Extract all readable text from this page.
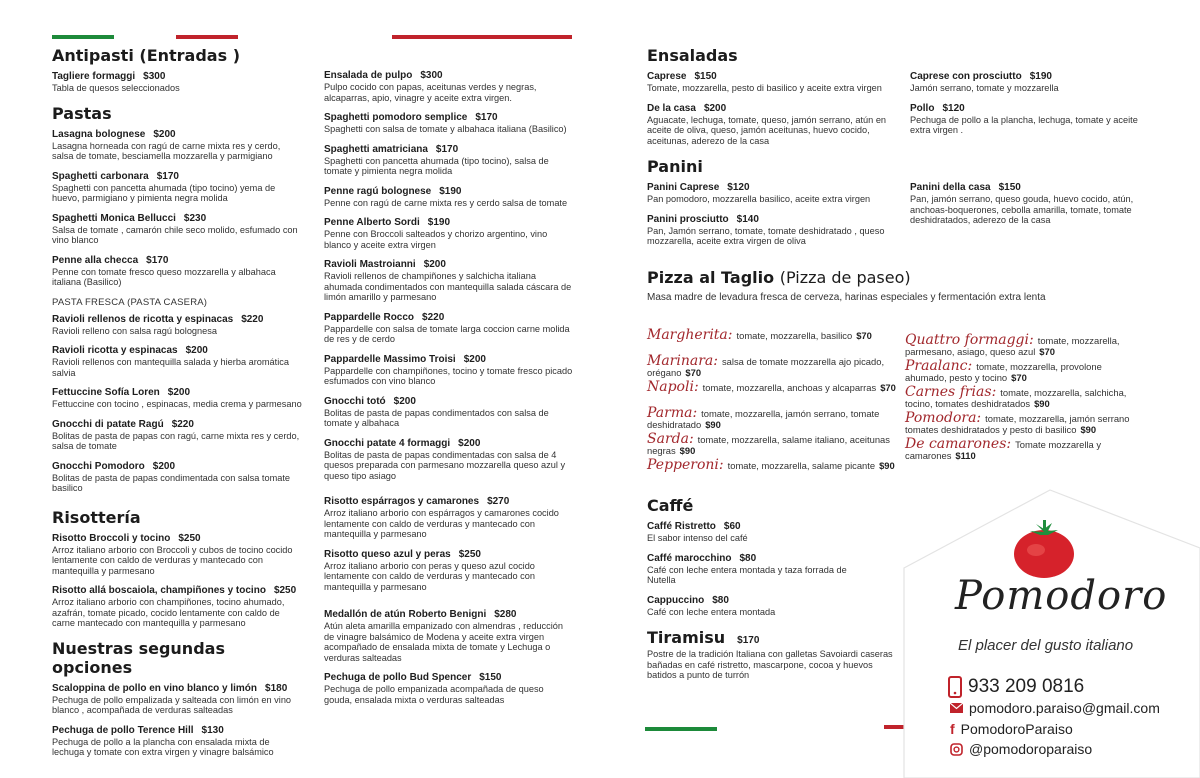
Antipasti (Entradas )
Tagliere formaggi $300
Tabla de quesos seleccionados
Pastas
Lasagna bolognese $200
Lasagna horneada con ragú de carne mixta res y cerdo, salsa de tomate, besciamella mozzarella y parmigiano
Spaghetti carbonara $170
Spaghetti con pancetta ahumada (tipo tocino) yema de huevo, parmigiano y pimienta negra molida
Spaghetti Monica Bellucci $230
Salsa de tomate , camarón chile seco molido, esfumado con vino blanco
Penne alla checca $170
Penne con tomate fresco queso mozzarella y albahaca italiana (Basilico)
PASTA FRESCA (PASTA CASERA)
Ravioli rellenos de ricotta y espinacas $220
Ravioli relleno con salsa ragú bolognesa
Ravioli ricotta y espinacas $200
Ravioli rellenos con mantequilla salada y hierba aromática salvia
Fettuccine Sofía Loren $200
Fettuccine con tocino , espinacas, media crema y parmesano
Gnocchi di patate Ragú $220
Bolitas de pasta de papas con ragú, carne mixta res y cerdo, salsa de tomate
Gnocchi Pomodoro $200
Bolitas de pasta de papas condimentada con salsa tomate basilico
Risottería
Risotto Broccoli y tocino $250
Arroz italiano arborio con Broccoli y cubos de tocino cocido lentamente con caldo de verduras y mantecado con mantequilla y parmesano
Risotto allá boscaiola, champiñones y tocino $250
Arroz italiano arborio con champiñones, tocino ahumado, azafrán, tomate picado, cocido lentamente con caldo de carne mantecado con mantequilla y parmesano
Nuestras segundas opciones
Scaloppina de pollo en vino blanco y limón $180
Pechuga de pollo empalizada y salteada con limón en vino blanco , acompañada de verduras salteadas
Pechuga de pollo Terence Hill $130
Pechuga de pollo a la plancha con ensalada mixta de lechuga y tomate con extra virgen y vinagre balsámico
Ensalada de pulpo $300
Pulpo cocido con papas, aceitunas verdes y negras, alcaparras, apio, vinagre y aceite extra virgen.
Spaghetti pomodoro semplice $170
Spaghetti con salsa de tomate y albahaca italiana (Basilico)
Spaghetti amatriciana $170
Spaghetti con pancetta ahumada (tipo tocino), salsa de tomate y pimienta negra molida
Penne ragú bolognese $190
Penne con ragú de carne mixta res y cerdo salsa de tomate
Penne Alberto Sordi $190
Penne con Broccoli salteados y chorizo argentino, vino blanco y aceite extra virgen
Ravioli Mastroianni $200
Ravioli rellenos de champiñones y salchicha italiana ahumada condimentados con mantequilla salada cáscara de limón amarillo y parmesano
Pappardelle Rocco $220
Pappardelle con salsa de tomate larga coccion carne molida de res y de cerdo
Pappardelle Massimo Troisi $200
Pappardelle con champiñones, tocino y tomate fresco picado esfumados con vino blanco
Gnocchi totó $200
Bolitas de pasta de papas condimentados con salsa de tomate y albahaca
Gnocchi patate 4 formaggi $200
Bolitas de pasta de papas condimentadas con salsa de 4 quesos preparada con parmesano mozzarella queso azul y queso tipo asiago
Risotto espárragos y camarones $270
Arroz italiano arborio con espárragos y camarones cocido lentamente con caldo de verduras y mantecado con mantequilla y parmesano
Risotto queso azul y peras $250
Arroz italiano arborio con peras y queso azul cocido lentamente con caldo de verduras y mantecado con mantequilla y parmesano
Medallón de atún Roberto Benigni $280
Atún aleta amarilla empanizado con almendras , reducción de vinagre balsámico de Modena y aceite extra virgen acompañado de ensalada mixta de tomate y Lechuga o verduras salteadas
Pechuga de pollo Bud Spencer $150
Pechuga de pollo empanizada acompañada de queso gouda, ensalada mixta o verduras salteadas
Ensaladas
Caprese $150
Tomate, mozzarella, pesto di basilico y aceite extra virgen
De la casa $200
Aguacate, lechuga, tomate, queso, jamón serrano, atún en aceite de oliva, queso, jamón aceitunas, huevo cocido, aceitunas, aderezo de la casa
Caprese con prosciutto $190
Jamón serrano, tomate y mozzarella
Pollo $120
Pechuga de pollo a la plancha, lechuga, tomate y aceite extra virgen .
Panini
Panini Caprese $120
Pan pomodoro, mozzarella basilico, aceite extra virgen
Panini prosciutto $140
Pan, Jamón serrano, tomate, tomate deshidratado , queso mozzarella, aceite extra virgen de oliva
Panini della casa $150
Pan, jamón serrano, queso gouda, huevo cocido, atún, anchoas-boquerones, cebolla amarilla, tomate, tomate deshidratados, aderezo de la casa
Pizza al Taglio (Pizza de paseo)
Masa madre de levadura fresca de cerveza, harinas especiales y fermentación extra lenta
Margherita: tomate, mozzarella, basilico $70
Marinara: salsa de tomate mozzarella ajo picado, orégano $70
Napoli: tomate, mozzarella, anchoas y alcaparras $70
Parma: tomate, mozzarella, jamón serrano, tomate deshidratado $90
Sarda: tomate, mozzarella, salame italiano, aceitunas negras $90
Pepperoni: tomate, mozzarella, salame picante $90
Quattro formaggi: tomate, mozzarella, parmesano, asiago, queso azul $70
Praalanc: tomate, mozzarella, provolone ahumado, pesto y tocino $70
Carnes frias: tomate, mozzarella, salchicha, tocino, tomates deshidratados $90
Pomodora: tomate, mozzarella, jamón serrano tomates deshidratados y pesto di basilico $90
De camarones: Tomate mozzarella y camarones $110
Caffé
Caffé Ristretto $60
El sabor intenso del café
Caffé marocchino $80
Café con leche entera montada y taza forrada de Nutella
Cappuccino $80
Café con leche entera montada
Tiramisu $170
Postre de la tradición Italiana con galletas Savoiardi caseras bañadas en café ristretto, mascarpone, cocoa y huevos batidos a punto de turrón
Pomodoro
El placer del gusto italiano
933 209 0816
pomodoro.paraiso@gmail.com
f PomodoroParaiso
@pomodoroparaiso
